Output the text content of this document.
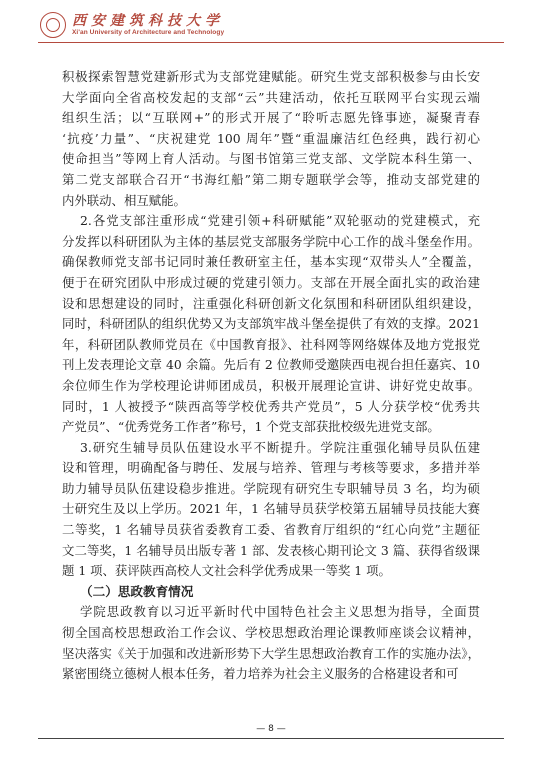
西安建筑科技大学
Xi'an University of Architecture and Technology

积极探索智慧党建新形式为支部党建赋能。研究生党支部积极参与由长安
大学面向全省高校发起的支部“云”共建活动，依托互联网平台实现云端
组织生活；以“互联网+”的形式开展了“聆听志愿先锋事迹，凝聚青春
‘抗疫’力量”、“庆祝建党 100 周年”暨“重温廉洁红色经典，践行初心
使命担当”等网上育人活动。与图书馆第三党支部、文学院本科生第一、
第二党支部联合召开“书海红船”第二期专题联学会等，推动支部党建的
内外联动、相互赋能。

2.各党支部注重形成“党建引领+科研赋能”双轮驱动的党建模式，充
分发挥以科研团队为主体的基层党支部服务学院中心工作的战斗堡垒作用。
确保教师党支部书记同时兼任教研室主任，基本实现“双带头人”全覆盖，
便于在研究团队中形成过硬的党建引领力。支部在开展全面扎实的政治建
设和思想建设的同时，注重强化科研创新文化氛围和科研团队组织建设，
同时，科研团队的组织优势又为支部筑牢战斗堡垒提供了有效的支撑。2021
年，科研团队教师党员在《中国教育报》、社科网等网络媒体及地方党报党
刊上发表理论文章 40 余篇。先后有 2 位教师受邀陕西电视台担任嘉宾、10
余位师生作为学校理论讲师团成员，积极开展理论宣讲、讲好党史故事。
同时，1 人被授予“陕西高等学校优秀共产党员”，5 人分获学校“优秀共
产党员”、“优秀党务工作者”称号，1 个党支部获批校级先进党支部。

3.研究生辅导员队伍建设水平不断提升。学院注重强化辅导员队伍建
设和管理，明确配备与聘任、发展与培养、管理与考核等要求，多措并举
助力辅导员队伍建设稳步推进。学院现有研究生专职辅导员 3 名，均为硕
士研究生及以上学历。2021 年，1 名辅导员获学校第五届辅导员技能大赛
二等奖，1 名辅导员获省委教育工委、省教育厅组织的“红心向党”主题征
文二等奖，1 名辅导员出版专著 1 部、发表核心期刊论文 3 篇、获得省级课
题 1 项、获评陕西高校人文社会科学优秀成果一等奖 1 项。

（二）思政教育情况

学院思政教育以习近平新时代中国特色社会主义思想为指导，全面贯
彻全国高校思想政治工作会议、学校思想政治理论课教师座谈会议精神，
坚决落实《关于加强和改进新形势下大学生思想政治教育工作的实施办法》，
紧密围绕立德树人根本任务，着力培养为社会主义服务的合格建设者和可

— 8 —
